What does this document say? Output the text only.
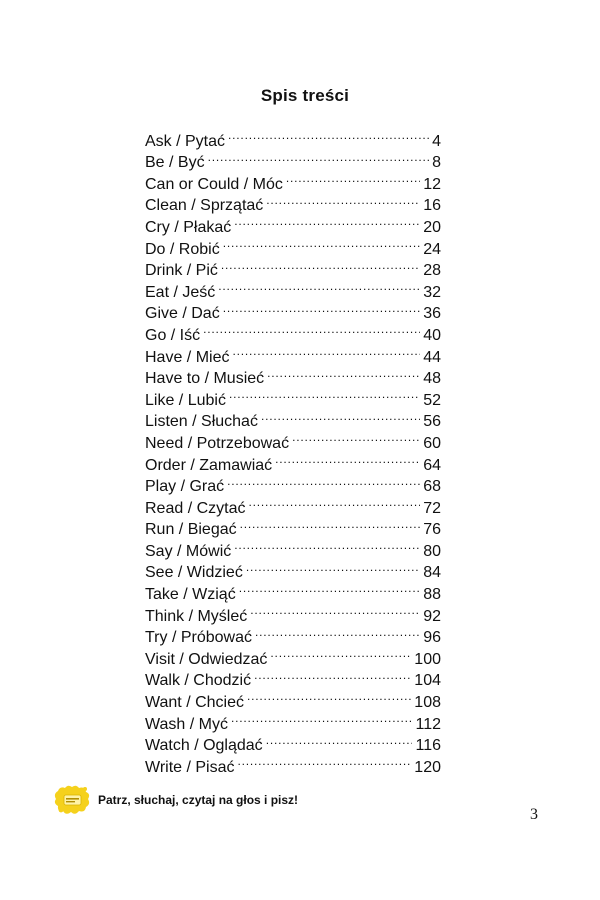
Spis treści
Ask / Pytać .....	4
Be / Być .....	8
Can or Could / Móc .....	12
Clean / Sprzątać .....	16
Cry / Płakać .....	20
Do / Robić .....	24
Drink / Pić .....	28
Eat / Jeść .....	32
Give / Dać .....	36
Go / Iść .....	40
Have / Mieć .....	44
Have to / Musieć .....	48
Like / Lubić .....	52
Listen / Słuchać .....	56
Need / Potrzebować .....	60
Order / Zamawiać .....	64
Play / Grać .....	68
Read / Czytać .....	72
Run / Biegać .....	76
Say / Mówić .....	80
See / Widzieć .....	84
Take / Wziąć .....	88
Think / Myśleć .....	92
Try / Próbować .....	96
Visit / Odwiedzać .....	100
Walk / Chodzić .....	104
Want / Chcieć .....	108
Wash / Myć .....	112
Watch / Oglądać .....	116
Write / Pisać .....	120
Patrz, słuchaj, czytaj na głos i pisz!
3
